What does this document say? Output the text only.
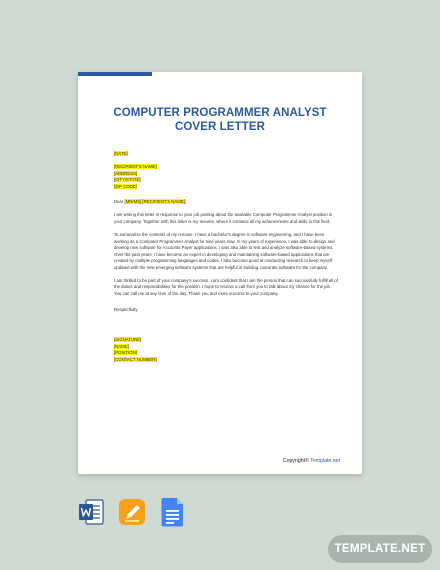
COMPUTER PROGRAMMER ANALYST
COVER LETTER
[DATE]
[RECIPIENT'S NAME]
[ADDRESS]
[CITY/STATE]
[ZIP CODE]
Dear [MR/MS] [RECIPIENT'S NAME],

I am writing this letter in response to your job posting about the available Computer Programmer Analyst position in your company. Together with this letter is my resume, where it contains all my achievements and skills in this field.

To summarize the contents of my resume, I have a bachelor's degree in software engineering, and I have been working as a Computer Programmer Analyst for nine years now. In my years of experience, I was able to design and develop new software for Accounts Payer applications. I was also able to test and analyze software-based systems. Over the past years, I have become an expert in developing and maintaining software-based applications that are created by multiple programming languages and codes. I also become good at conducting research to keep myself updated with the new emerging software systems that are helpful in building corporate software for the company.

I am thrilled to be part of your company's success. I am confident that I am the person that can successfully fulfill all of the duties and responsibilities for the position. I hope to receive a call from you to talk about my chance for the job. You can call me at any time of the day. Thank you and more success to your company.

Respectfully,
[SIGNATURE]
[NAME]
[POSITION]
[CONTACT NUMBER]
Copyright© Template.net
TEMPLATE.NET
